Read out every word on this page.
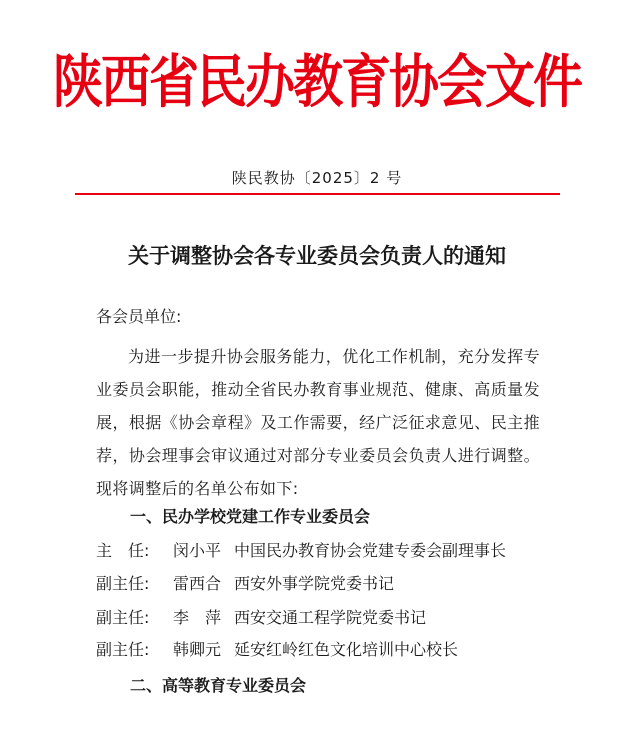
陕西省民办教育协会文件
陕民教协〔2025〕2 号
关于调整协会各专业委员会负责人的通知
各会员单位:
为进一步提升协会服务能力，优化工作机制，充分发挥专业委员会职能，推动全省民办教育事业规范、健康、高质量发展，根据《协会章程》及工作需要，经广泛征求意见、民主推荐，协会理事会审议通过对部分专业委员会负责人进行调整。现将调整后的名单公布如下:
一、民办学校党建工作专业委员会
主　任:	闵小平 中国民办教育协会党建专委会副理事长
副主任:	雷西合 西安外事学院党委书记
副主任:	李　萍 西安交通工程学院党委书记
副主任:	韩卿元 延安红岭红色文化培训中心校长
二、高等教育专业委员会
